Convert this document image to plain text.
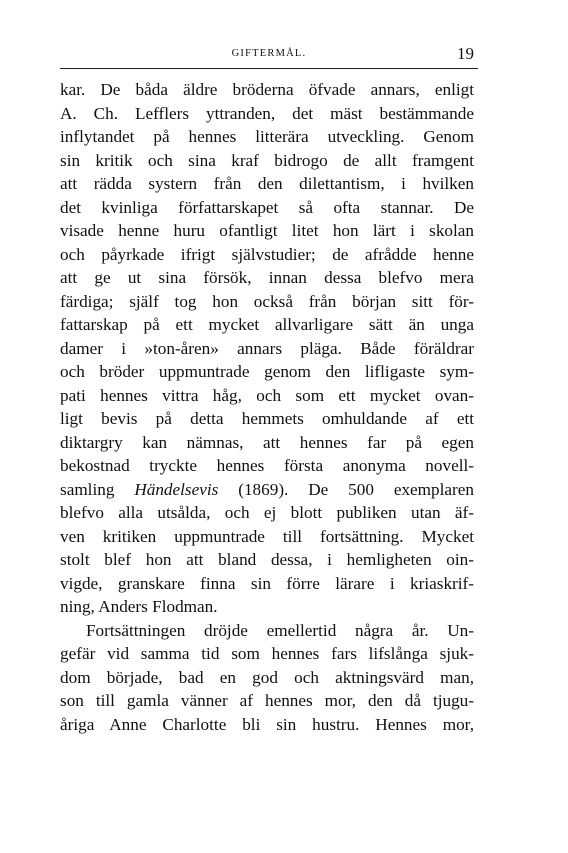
GIFTERMÅL.	19
kar. De båda äldre bröderna öfvade annars, enligt
A. Ch. Lefflers yttranden, det mäst bestämmande
inflytandet på hennes litterära utveckling. Genom
sin kritik och sina kraf bidrogo de allt framgent
att rädda systern från den dilettantism, i hvilken
det kvinliga författarskapet så ofta stannar. De
visade henne huru ofantligt litet hon lärt i skolan
och påyrkade ifrigt självstudier; de afrådde henne
att ge ut sina försök, innan dessa blefvo mera
färdiga; själf tog hon också från början sitt för-
fattarskap på ett mycket allvarligare sätt än unga
damer i »ton-åren» annars pläga. Både föräldrar
och bröder uppmuntrade genom den lifligaste sym-
pati hennes vittra håg, och som ett mycket ovan-
ligt bevis på detta hemmets omhuldande af ett
diktargry kan nämnas, att hennes far på egen
bekostnad tryckte hennes första anonyma novell-
samling Händelsevis (1869). De 500 exemplaren
blefvo alla utsålda, och ej blott publiken utan äf-
ven kritiken uppmuntrade till fortsättning. Mycket
stolt blef hon att bland dessa, i hemligheten oin-
vigde, granskare finna sin förre lärare i kriaskrif-
ning, Anders Flodman.
Fortsättningen dröjde emellertid några år. Un-
gefär vid samma tid som hennes fars lifslånga sjuk-
dom började, bad en god och aktningsvärd man,
son till gamla vänner af hennes mor, den då tjugu-
åriga Anne Charlotte bli sin hustru. Hennes mor,
